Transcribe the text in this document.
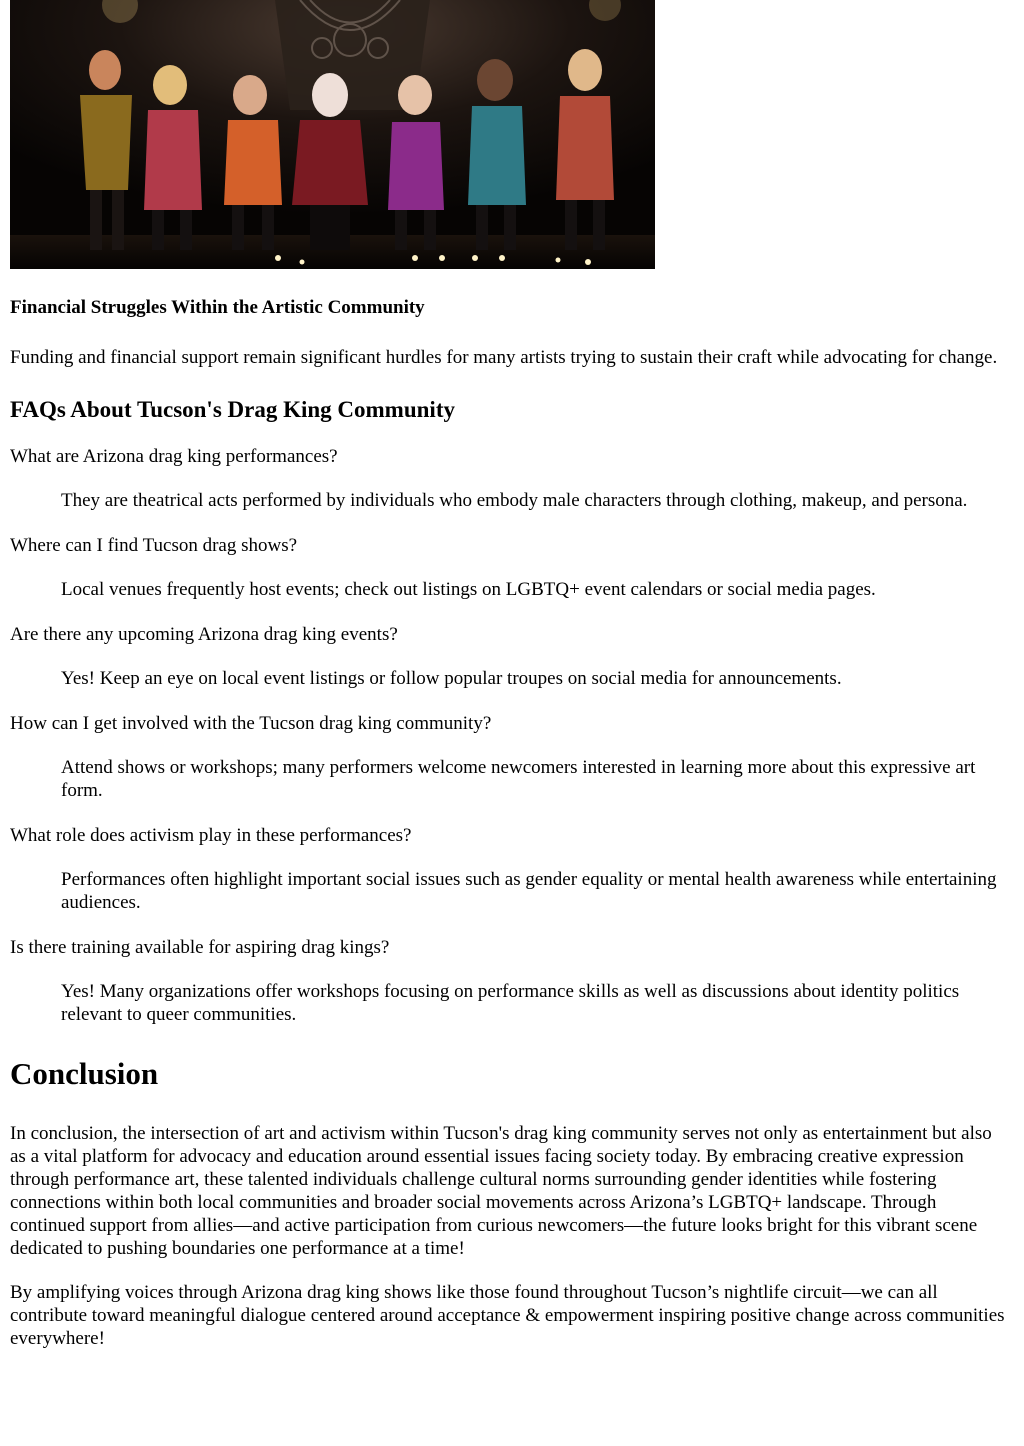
Financial Struggles Within the Artistic Community

Funding and financial support remain significant hurdles for many artists trying to sustain their craft while advocating for change.

FAQs About Tucson's Drag King Community
What are Arizona drag king performances?
They are theatrical acts performed by individuals who embody male characters through clothing, makeup, and persona.
Where can I find Tucson drag shows?
Local venues frequently host events; check out listings on LGBTQ+ event calendars or social media pages.
Are there any upcoming Arizona drag king events?
Yes! Keep an eye on local event listings or follow popular troupes on social media for announcements.
How can I get involved with the Tucson drag king community?
Attend shows or workshops; many performers welcome newcomers interested in learning more about this expressive art form.
What role does activism play in these performances?
Performances often highlight important social issues such as gender equality or mental health awareness while entertaining audiences.
Is there training available for aspiring drag kings?
Yes! Many organizations offer workshops focusing on performance skills as well as discussions about identity politics relevant to queer communities.
Conclusion

In conclusion, the intersection of art and activism within Tucson's drag king community serves not only as entertainment but also as a vital platform for advocacy and education around essential issues facing society today. By embracing creative expression through performance art, these talented individuals challenge cultural norms surrounding gender identities while fostering connections within both local communities and broader social movements across Arizona’s LGBTQ+ landscape. Through continued support from allies—and active participation from curious newcomers—the future looks bright for this vibrant scene dedicated to pushing boundaries one performance at a time!

By amplifying voices through Arizona drag king shows like those found throughout Tucson’s nightlife circuit—we can all contribute toward meaningful dialogue centered around acceptance & empowerment inspiring positive change across communities everywhere!
